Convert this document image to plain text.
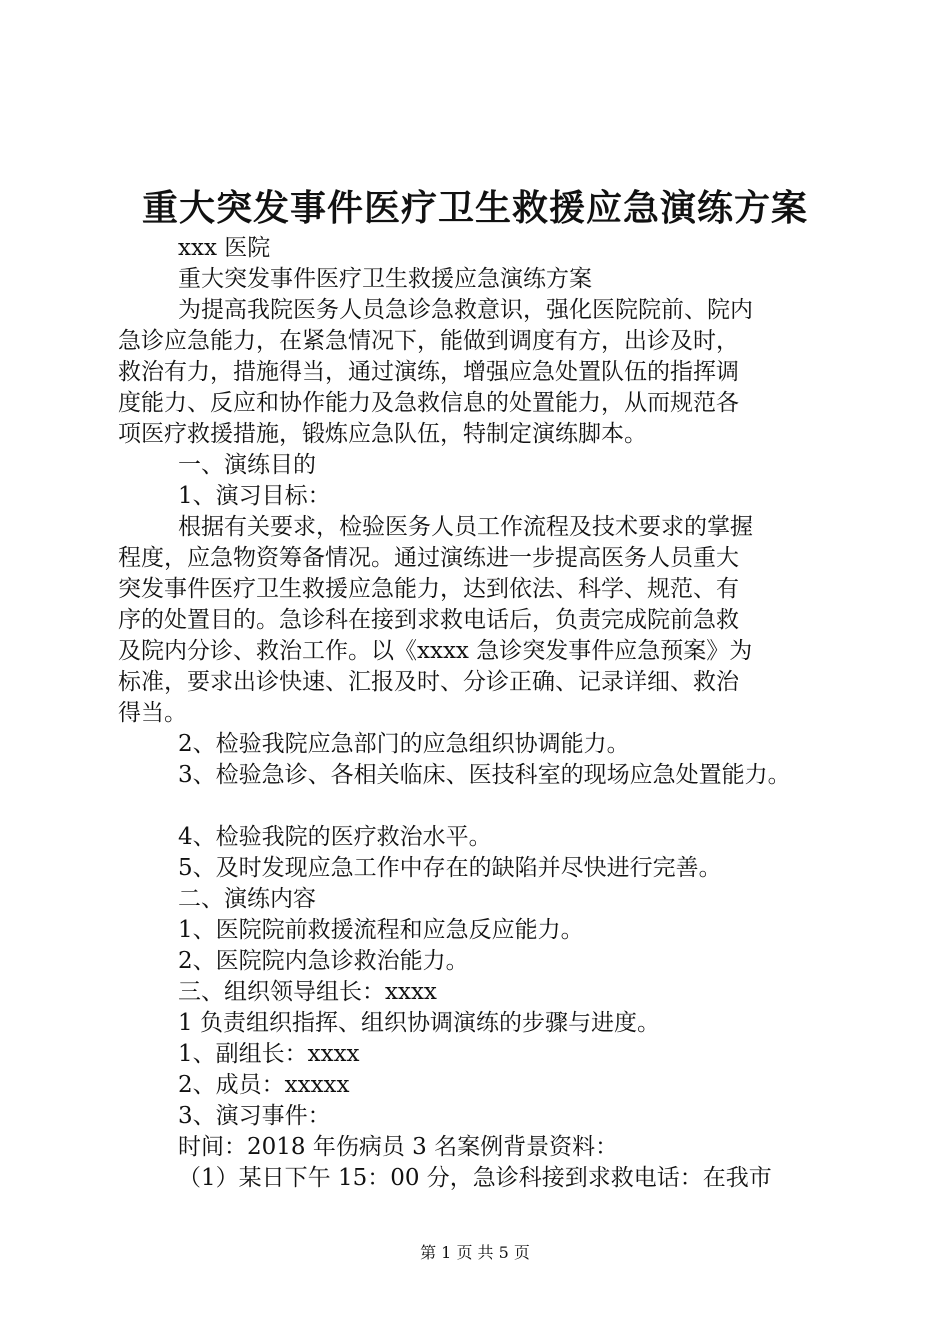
重大突发事件医疗卫生救援应急演练方案
xxx 医院
重大突发事件医疗卫生救援应急演练方案
为提高我院医务人员急诊急救意识，强化医院院前、院内
急诊应急能力，在紧急情况下，能做到调度有方，出诊及时，
救治有力，措施得当，通过演练，增强应急处置队伍的指挥调
度能力、反应和协作能力及急救信息的处置能力，从而规范各
项医疗救援措施，锻炼应急队伍，特制定演练脚本。
一、演练目的
1、演习目标：
根据有关要求，检验医务人员工作流程及技术要求的掌握
程度，应急物资筹备情况。通过演练进一步提高医务人员重大
突发事件医疗卫生救援应急能力，达到依法、科学、规范、有
序的处置目的。急诊科在接到求救电话后，负责完成院前急救
及院内分诊、救治工作。以《xxxx 急诊突发事件应急预案》为
标准，要求出诊快速、汇报及时、分诊正确、记录详细、救治
得当。
2、检验我院应急部门的应急组织协调能力。
3、检验急诊、各相关临床、医技科室的现场应急处置能力。
4、检验我院的医疗救治水平。
5、及时发现应急工作中存在的缺陷并尽快进行完善。
二、演练内容
1、医院院前救援流程和应急反应能力。
2、医院院内急诊救治能力。
三、组织领导组长：xxxx
1 负责组织指挥、组织协调演练的步骤与进度。
1、副组长：xxxx
2、成员：xxxxx
3、演习事件：
时间：2018 年伤病员 3 名案例背景资料：
（1）某日下午 15：00 分，急诊科接到求救电话：在我市
第 1 页 共 5 页
